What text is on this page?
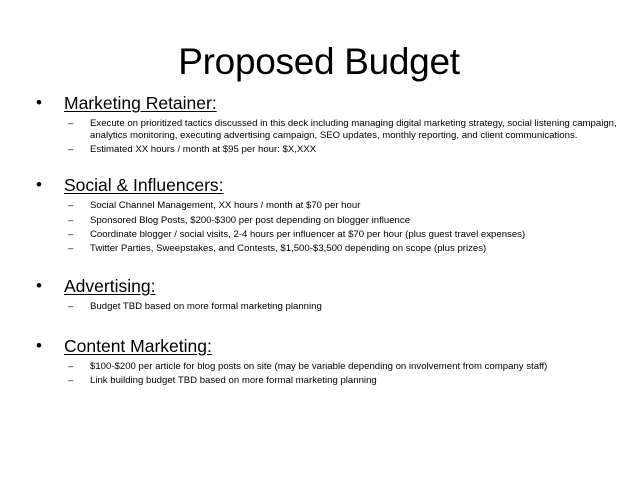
Proposed Budget
• Marketing Retainer:
– Execute on prioritized tactics discussed in this deck including managing digital marketing strategy, social listening campaign, analytics monitoring, executing advertising campaign, SEO updates, monthly reporting, and client communications.
– Estimated XX hours / month at $95 per hour: $X,XXX
• Social & Influencers:
– Social Channel Management, XX hours / month at $70 per hour
– Sponsored Blog Posts, $200-$300 per post depending on blogger influence
– Coordinate blogger / social visits, 2-4 hours per influencer at $70 per hour (plus guest travel expenses)
– Twitter Parties, Sweepstakes, and Contests, $1,500-$3,500 depending on scope (plus prizes)
• Advertising:
– Budget TBD based on more formal marketing planning
• Content Marketing:
– $100-$200 per article for blog posts on site (may be variable depending on involvement from company staff)
– Link building budget TBD based on more formal marketing planning
